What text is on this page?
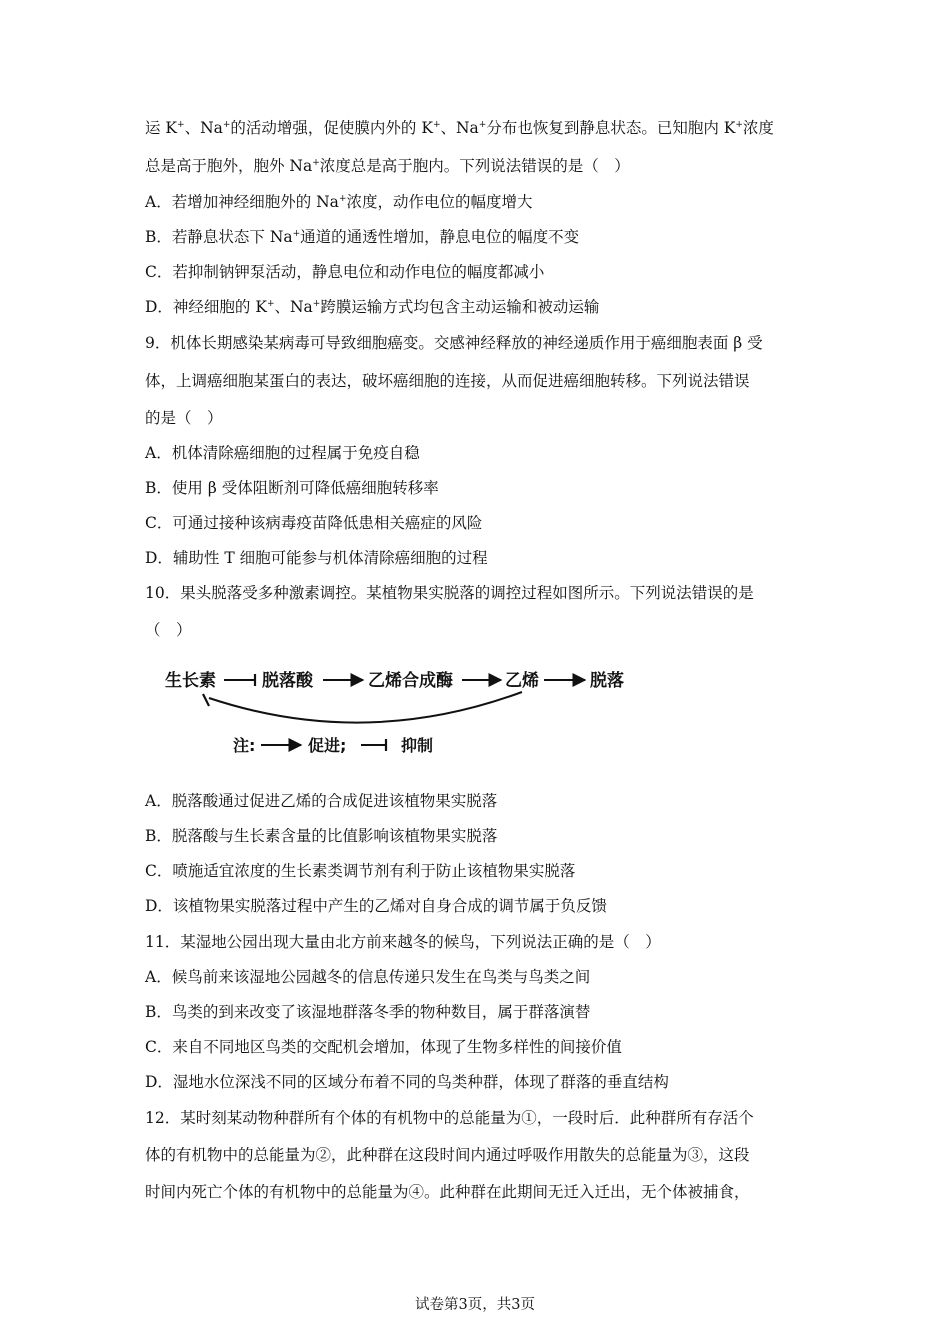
运 K+、Na+的活动增强，促使膜内外的 K+、Na+分布也恢复到静息状态。已知胞内 K+浓度
总是高于胞外，胞外 Na+浓度总是高于胞内。下列说法错误的是（　）
A．若增加神经细胞外的 Na+浓度，动作电位的幅度增大
B．若静息状态下 Na+通道的通透性增加，静息电位的幅度不变
C．若抑制钠钾泵活动，静息电位和动作电位的幅度都减小
D．神经细胞的 K+、Na+跨膜运输方式均包含主动运输和被动运输
9．机体长期感染某病毒可导致细胞癌变。交感神经释放的神经递质作用于癌细胞表面 β 受
体，上调癌细胞某蛋白的表达，破坏癌细胞的连接，从而促进癌细胞转移。下列说法错误
的是（　）
A．机体清除癌细胞的过程属于免疫自稳
B．使用 β 受体阻断剂可降低癌细胞转移率
C．可通过接种该病毒疫苗降低患相关癌症的风险
D．辅助性 T 细胞可能参与机体清除癌细胞的过程
10．果头脱落受多种激素调控。某植物果实脱落的调控过程如图所示。下列说法错误的是
（　）
生长素	脱落酸	乙烯合成酶	乙烯	脱落
注:	促进;	抑制
A．脱落酸通过促进乙烯的合成促进该植物果实脱落
B．脱落酸与生长素含量的比值影响该植物果实脱落
C．喷施适宜浓度的生长素类调节剂有利于防止该植物果实脱落
D．该植物果实脱落过程中产生的乙烯对自身合成的调节属于负反馈
11．某湿地公园出现大量由北方前来越冬的候鸟，下列说法正确的是（　）
A．候鸟前来该湿地公园越冬的信息传递只发生在鸟类与鸟类之间
B．鸟类的到来改变了该湿地群落冬季的物种数目，属于群落演替
C．来自不同地区鸟类的交配机会增加，体现了生物多样性的间接价值
D．湿地水位深浅不同的区域分布着不同的鸟类种群，体现了群落的垂直结构
12．某时刻某动物种群所有个体的有机物中的总能量为①，一段时后．此种群所有存活个
体的有机物中的总能量为②，此种群在这段时间内通过呼吸作用散失的总能量为③，这段
时间内死亡个体的有机物中的总能量为④。此种群在此期间无迁入迁出，无个体被捕食，
试卷第3页，共3页
